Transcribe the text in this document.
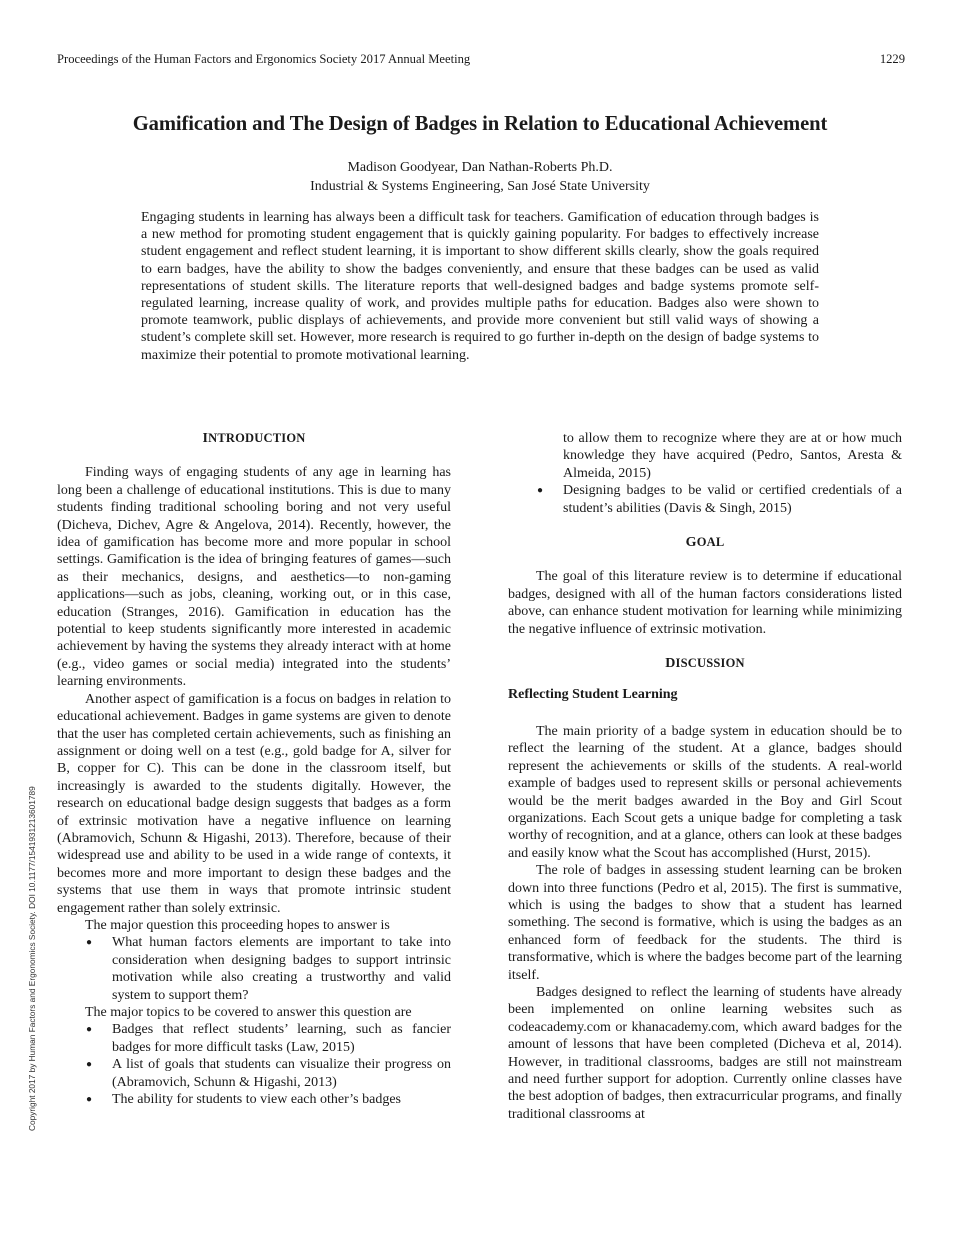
Proceedings of the Human Factors and Ergonomics Society 2017 Annual Meeting	1229
Gamification and The Design of Badges in Relation to Educational Achievement
Madison Goodyear, Dan Nathan-Roberts Ph.D.
Industrial & Systems Engineering, San José State University
Engaging students in learning has always been a difficult task for teachers. Gamification of education through badges is a new method for promoting student engagement that is quickly gaining popularity. For badges to effectively increase student engagement and reflect student learning, it is important to show different skills clearly, show the goals required to earn badges, have the ability to show the badges conveniently, and ensure that these badges can be used as valid representations of student skills. The literature reports that well-designed badges and badge systems promote self-regulated learning, increase quality of work, and provides multiple paths for education. Badges also were shown to promote teamwork, public displays of achievements, and provide more convenient but still valid ways of showing a student’s complete skill set. However, more research is required to go further in-depth on the design of badge systems to maximize their potential to promote motivational learning.
Copyright 2017 by Human Factors and Ergonomics Society. DOI 10.1177/1541931213601789
INTRODUCTION

Finding ways of engaging students of any age in learning has long been a challenge of educational institutions. This is due to many students finding traditional schooling boring and not very useful (Dicheva, Dichev, Agre & Angelova, 2014). Recently, however, the idea of gamification has become more and more popular in school settings. Gamification is the idea of bringing features of games—such as their mechanics, designs, and aesthetics—to non-gaming applications—such as jobs, cleaning, working out, or in this case, education (Stranges, 2016). Gamification in education has the potential to keep students significantly more interested in academic achievement by having the systems they already interact with at home (e.g., video games or social media) integrated into the students’ learning environments.

Another aspect of gamification is a focus on badges in relation to educational achievement. Badges in game systems are given to denote that the user has completed certain achievements, such as finishing an assignment or doing well on a test (e.g., gold badge for A, silver for B, copper for C). This can be done in the classroom itself, but increasingly is awarded to the students digitally. However, the research on educational badge design suggests that badges as a form of extrinsic motivation have a negative influence on learning (Abramovich, Schunn & Higashi, 2013). Therefore, because of their widespread use and ability to be used in a wide range of contexts, it becomes more and more important to design these badges and the systems that use them in ways that promote intrinsic student engagement rather than solely extrinsic.

The major question this proceeding hopes to answer is

● What human factors elements are important to take into consideration when designing badges to support intrinsic motivation while also creating a trustworthy and valid system to support them?

The major topics to be covered to answer this question are

● Badges that reflect students’ learning, such as fancier badges for more difficult tasks (Law, 2015)
● A list of goals that students can visualize their progress on (Abramovich, Schunn & Higashi, 2013)
● The ability for students to view each other’s badges
to allow them to recognize where they are at or how much knowledge they have acquired (Pedro, Santos, Aresta & Almeida, 2015)
● Designing badges to be valid or certified credentials of a student’s abilities (Davis & Singh, 2015)
GOAL

The goal of this literature review is to determine if educational badges, designed with all of the human factors considerations listed above, can enhance student motivation for learning while minimizing the negative influence of extrinsic motivation.

DISCUSSION
Reflecting Student Learning

The main priority of a badge system in education should be to reflect the learning of the student. At a glance, badges should represent the achievements or skills of the students. A real-world example of badges used to represent skills or personal achievements would be the merit badges awarded in the Boy and Girl Scout organizations. Each Scout gets a unique badge for completing a task worthy of recognition, and at a glance, others can look at these badges and easily know what the Scout has accomplished (Hurst, 2015).

The role of badges in assessing student learning can be broken down into three functions (Pedro et al, 2015). The first is summative, which is using the badges to show that a student has learned something. The second is formative, which is using the badges as an enhanced form of feedback for the students. The third is transformative, which is where the badges become part of the learning itself.

Badges designed to reflect the learning of students have already been implemented on online learning websites such as codeacademy.com or khanacademy.com, which award badges for the amount of lessons that have been completed (Dicheva et al, 2014). However, in traditional classrooms, badges are still not mainstream and need further support for adoption. Currently online classes have the best adoption of badges, then extracurricular programs, and finally traditional classrooms at
